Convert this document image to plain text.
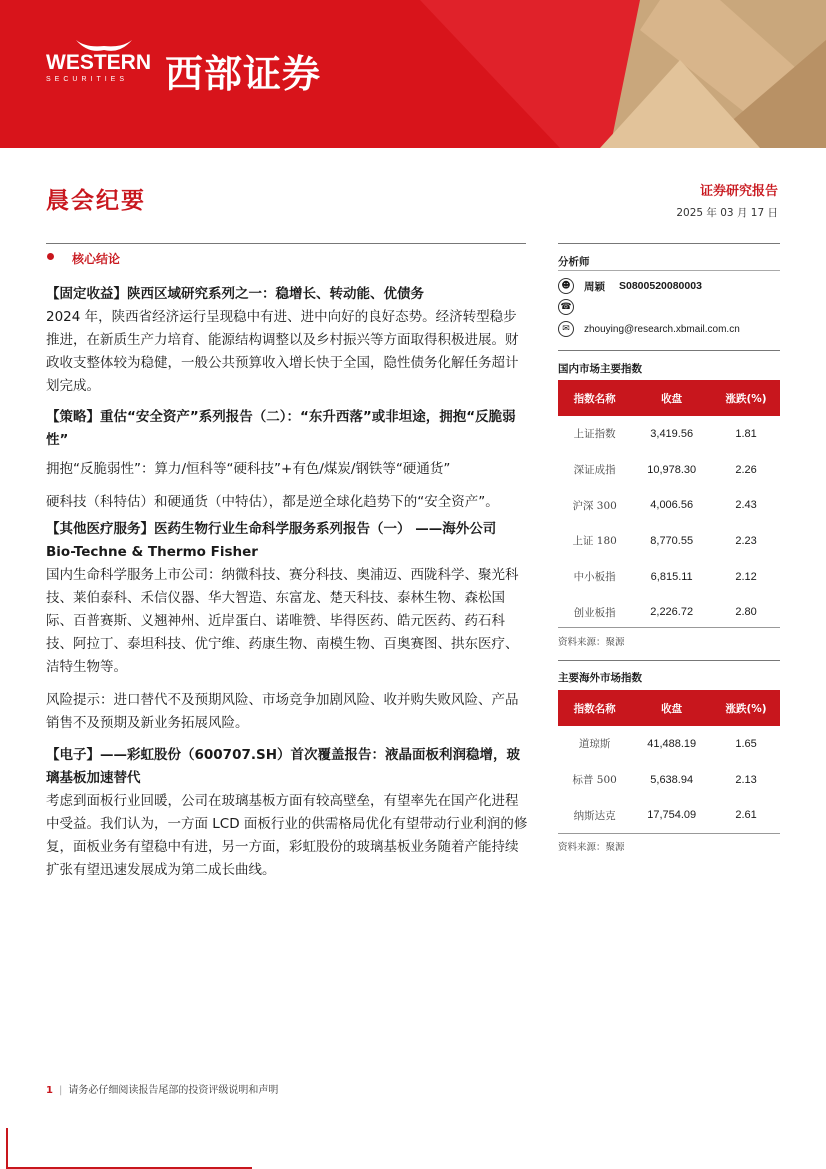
WESTERN
SECURITIES 西部证券
晨会纪要	证券研究报告
2025 年 03 月 17 日
核心结论

【固定收益】陕西区域研究系列之一：稳增长、转动能、优债务

2024 年，陕西省经济运行呈现稳中有进、进中向好的良好态势。经济转型稳步推进，在新质生产力培育、能源结构调整以及乡村振兴等方面取得积极进展。财政收支整体较为稳健，一般公共预算收入增长快于全国，隐性债务化解任务超计划完成。

【策略】重估“安全资产”系列报告（二）：“东升西落”或非坦途，拥抱“反脆弱性”

拥抱“反脆弱性”：算力/恒科等“硬科技”+有色/煤炭/钢铁等“硬通货”

硬科技（科特估）和硬通货（中特估），都是逆全球化趋势下的“安全资产”。

【其他医疗服务】医药生物行业生命科学服务系列报告（一） ——海外公司 Bio-Techne & Thermo Fisher

国内生命科学服务上市公司：纳微科技、赛分科技、奥浦迈、西陇科学、聚光科技、莱伯泰科、禾信仪器、华大智造、东富龙、楚天科技、泰林生物、森松国际、百普赛斯、义翘神州、近岸蛋白、诺唯赞、毕得医药、皓元医药、药石科技、阿拉丁、泰坦科技、优宁维、药康生物、南模生物、百奥赛图、拱东医疗、洁特生物等。

风险提示：进口替代不及预期风险、市场竞争加剧风险、收并购失败风险、产品销售不及预期及新业务拓展风险。

【电子】——彩虹股份（600707.SH）首次覆盖报告：液晶面板利润稳增，玻璃基板加速替代

考虑到面板行业回暖，公司在玻璃基板方面有较高壁垒，有望率先在国产化进程中受益。我们认为，一方面 LCD 面板行业的供需格局优化有望带动行业利润的修复，面板业务有望稳中有进，另一方面，彩虹股份的玻璃基板业务随着产能持续扩张有望迅速发展成为第二成长曲线。

分析师
☻	周颖 S0800520080003
☎
✉	zhouying@research.xbmail.com.cn
国内市场主要指数
指数名称	收盘	涨跌(%)
上证指数	3,419.56	1.81
深证成指	10,978.30	2.26
沪深 300	4,006.56	2.43
上证 180	8,770.55	2.23
中小板指	6,815.11	2.12
创业板指	2,226.72	2.80
资料来源：聚源
主要海外市场指数
指数名称	收盘	涨跌(%)
道琼斯	41,488.19	1.65
标普 500	5,638.94	2.13
纳斯达克	17,754.09	2.61
资料来源：聚源
1 | 请务必仔细阅读报告尾部的投资评级说明和声明
